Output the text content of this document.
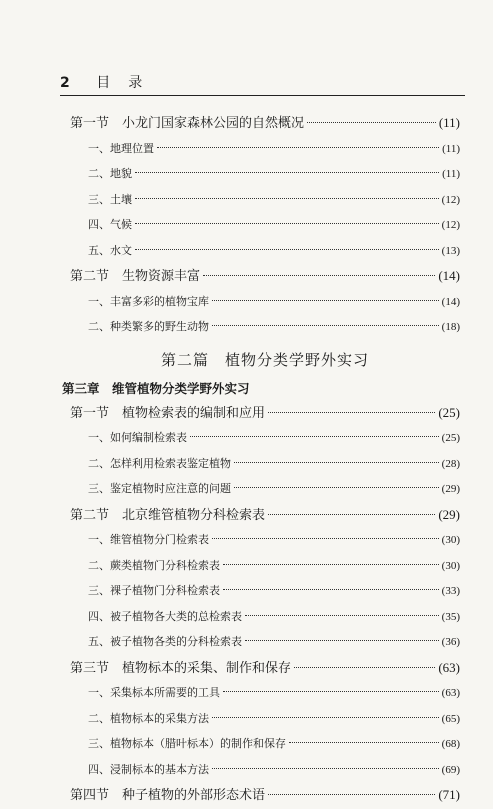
2 目　录
第一节　小龙门国家森林公园的自然概况	(11)
一、地理位置	(11)
二、地貌	(11)
三、土壤	(12)
四、气候	(12)
五、水文	(13)
第二节　生物资源丰富	(14)
一、丰富多彩的植物宝库	(14)
二、种类繁多的野生动物	(18)
第二篇　植物分类学野外实习
第三章　维管植物分类学野外实习
第一节　植物检索表的编制和应用	(25)
一、如何编制检索表	(25)
二、怎样利用检索表鉴定植物	(28)
三、鉴定植物时应注意的问题	(29)
第二节　北京维管植物分科检索表	(29)
一、维管植物分门检索表	(30)
二、蕨类植物门分科检索表	(30)
三、裸子植物门分科检索表	(33)
四、被子植物各大类的总检索表	(35)
五、被子植物各类的分科检索表	(36)
第三节　植物标本的采集、制作和保存	(63)
一、采集标本所需要的工具	(63)
二、植物标本的采集方法	(65)
三、植物标本（腊叶标本）的制作和保存	(68)
四、浸制标本的基本方法	(69)
第四节　种子植物的外部形态术语	(71)
